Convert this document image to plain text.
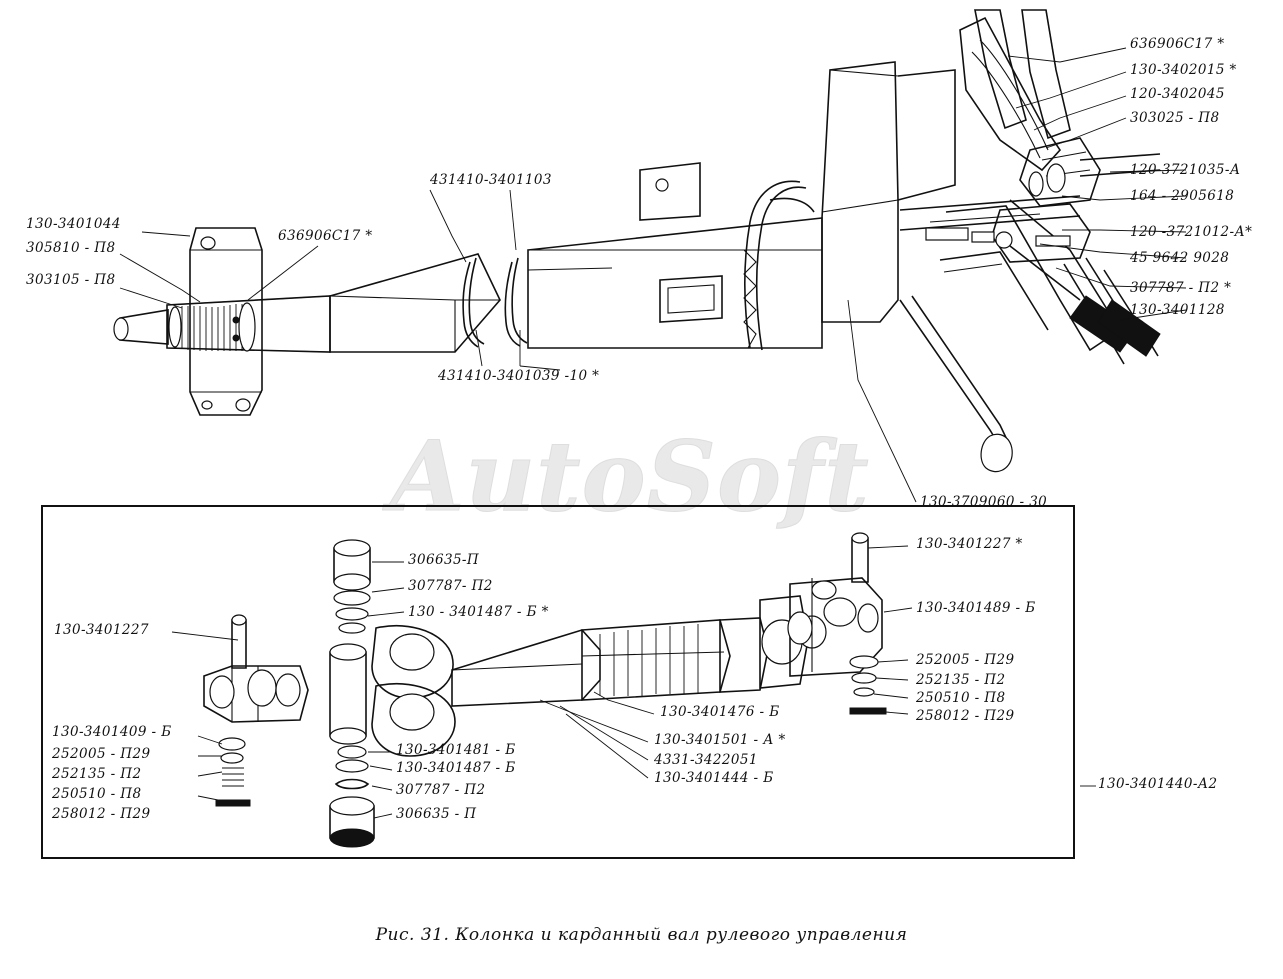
AutoSoft
130-3401044
305810 - П8
303105 - П8
636906С17 *
431410-3401103
431410-3401039 -10 *
636906С17 *
130-3402015 *
120-3402045
303025 - П8
120-3721035-А
164 - 2905618
120 -3721012-А*
45 9642 9028
307787 - П2 *
130-3401128
130-3709060 - 30
306635-П
307787- П2
130 - 3401487 - Б *
130-3401227 *
130-3401489 - Б
130-3401227
252005 - П29
252135 - П2
250510 - П8
258012 - П29
130-3401476 - Б
130-3401409 - Б
252005 - П29
252135 - П2
250510 - П8
258012 - П29
130-3401481 - Б
130-3401487 - Б
307787 - П2
306635 - П
130-3401501 - А *
4331-3422051
130-3401444 - Б	130-3401440-А2
Рис. 31. Колонка и карданный вал рулевого управления
